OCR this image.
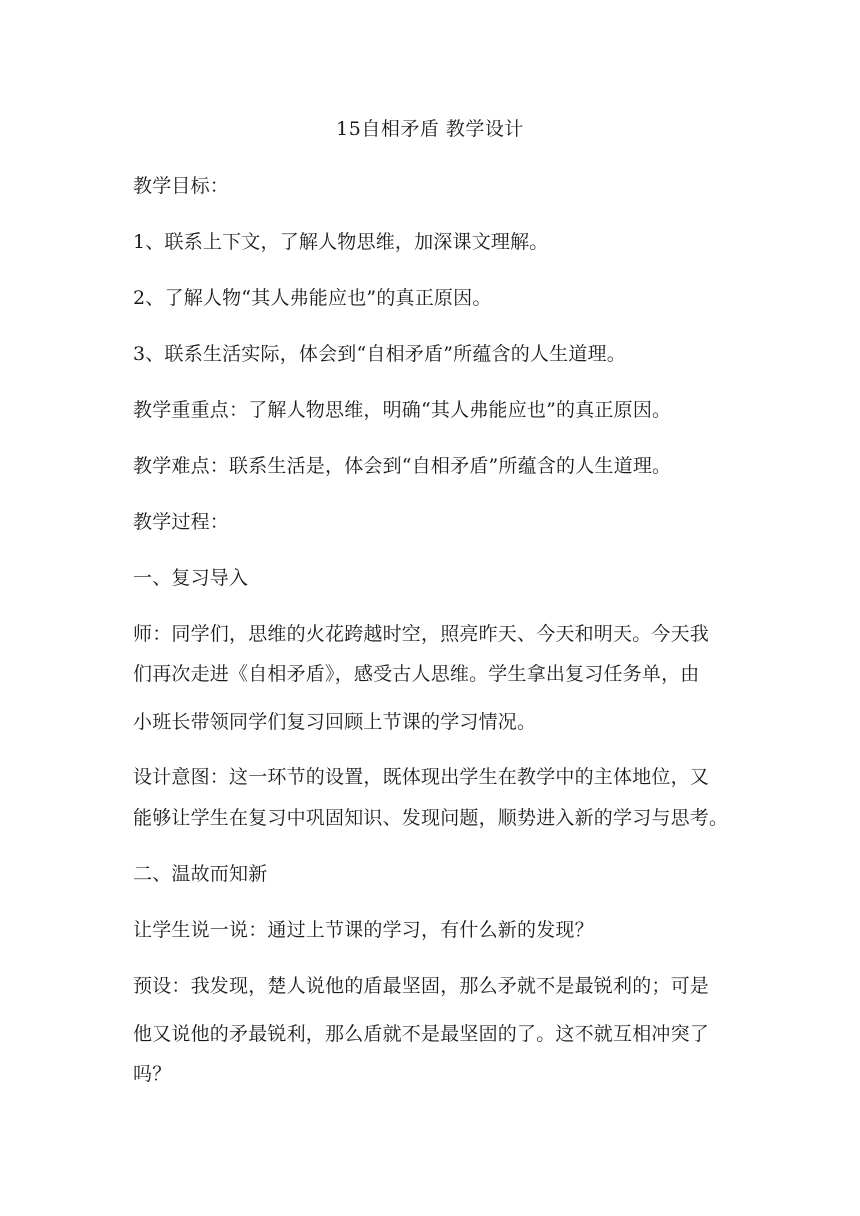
15自相矛盾 教学设计
教学目标：
1、联系上下文，了解人物思维，加深课文理解。
2、了解人物“其人弗能应也”的真正原因。
3、联系生活实际，体会到“自相矛盾”所蕴含的人生道理。
教学重重点：了解人物思维，明确“其人弗能应也”的真正原因。
教学难点：联系生活是，体会到“自相矛盾”所蕴含的人生道理。
教学过程：
一、复习导入
师：同学们，思维的火花跨越时空，照亮昨天、今天和明天。今天我
们再次走进《自相矛盾》，感受古人思维。学生拿出复习任务单，由
小班长带领同学们复习回顾上节课的学习情况。
设计意图：这一环节的设置，既体现出学生在教学中的主体地位，又
能够让学生在复习中巩固知识、发现问题，顺势进入新的学习与思考。
二、温故而知新
让学生说一说：通过上节课的学习，有什么新的发现？
预设：我发现，楚人说他的盾最坚固，那么矛就不是最锐利的；可是
他又说他的矛最锐利，那么盾就不是最坚固的了。这不就互相冲突了
吗？
